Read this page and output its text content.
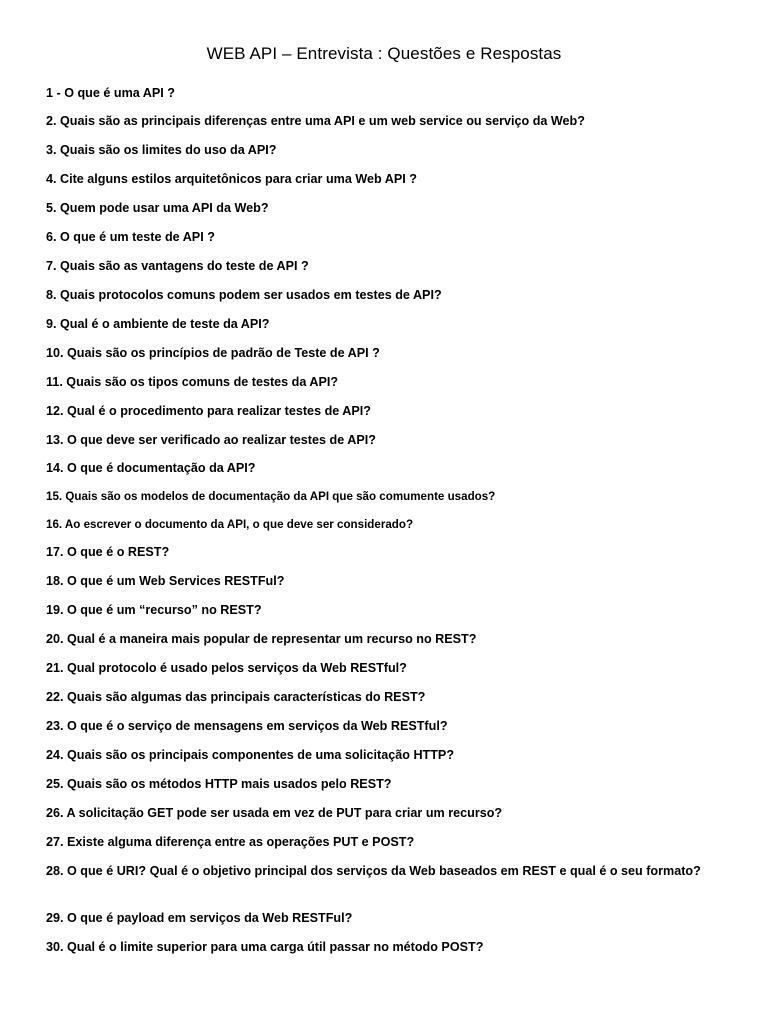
WEB API – Entrevista : Questões e Respostas
1 - O que é uma API ?
2. Quais são as principais diferenças entre uma API e um web service ou serviço da Web?
3. Quais são os limites do uso da API?
4. Cite alguns estilos arquitetônicos para criar uma Web API ?
5. Quem pode usar uma API da Web?
6. O que é um teste de API ?
7. Quais são as vantagens do teste de API ?
8. Quais protocolos comuns podem ser usados em testes de API?
9. Qual é o ambiente de teste da API?
10. Quais são os princípios de padrão de Teste de API ?
11. Quais são os tipos comuns de testes da API?
12. Qual é o procedimento para realizar testes de API?
13. O que deve ser verificado ao realizar testes de API?
14. O que é documentação da API?
15. Quais são os modelos de documentação da API que são comumente usados?
16. Ao escrever o documento da API, o que deve ser considerado?
17. O que é o REST?
18. O que é um Web Services RESTFul?
19. O que é um “recurso” no REST?
20. Qual é a maneira mais popular de representar um recurso no REST?
21. Qual protocolo é usado pelos serviços da Web RESTful?
22. Quais são algumas das principais características do REST?
23. O que é o serviço de mensagens em serviços da Web RESTful?
24. Quais são os principais componentes de uma solicitação HTTP?
25. Quais são os métodos HTTP mais usados pelo REST?
26. A solicitação GET pode ser usada em vez de PUT para criar um recurso?
27. Existe alguma diferença entre as operações PUT e POST?
28. O que é URI? Qual é o objetivo principal dos serviços da Web baseados em REST e qual é o seu formato?
29. O que é payload em serviços da Web RESTFul?
30. Qual é o limite superior para uma carga útil passar no método POST?
